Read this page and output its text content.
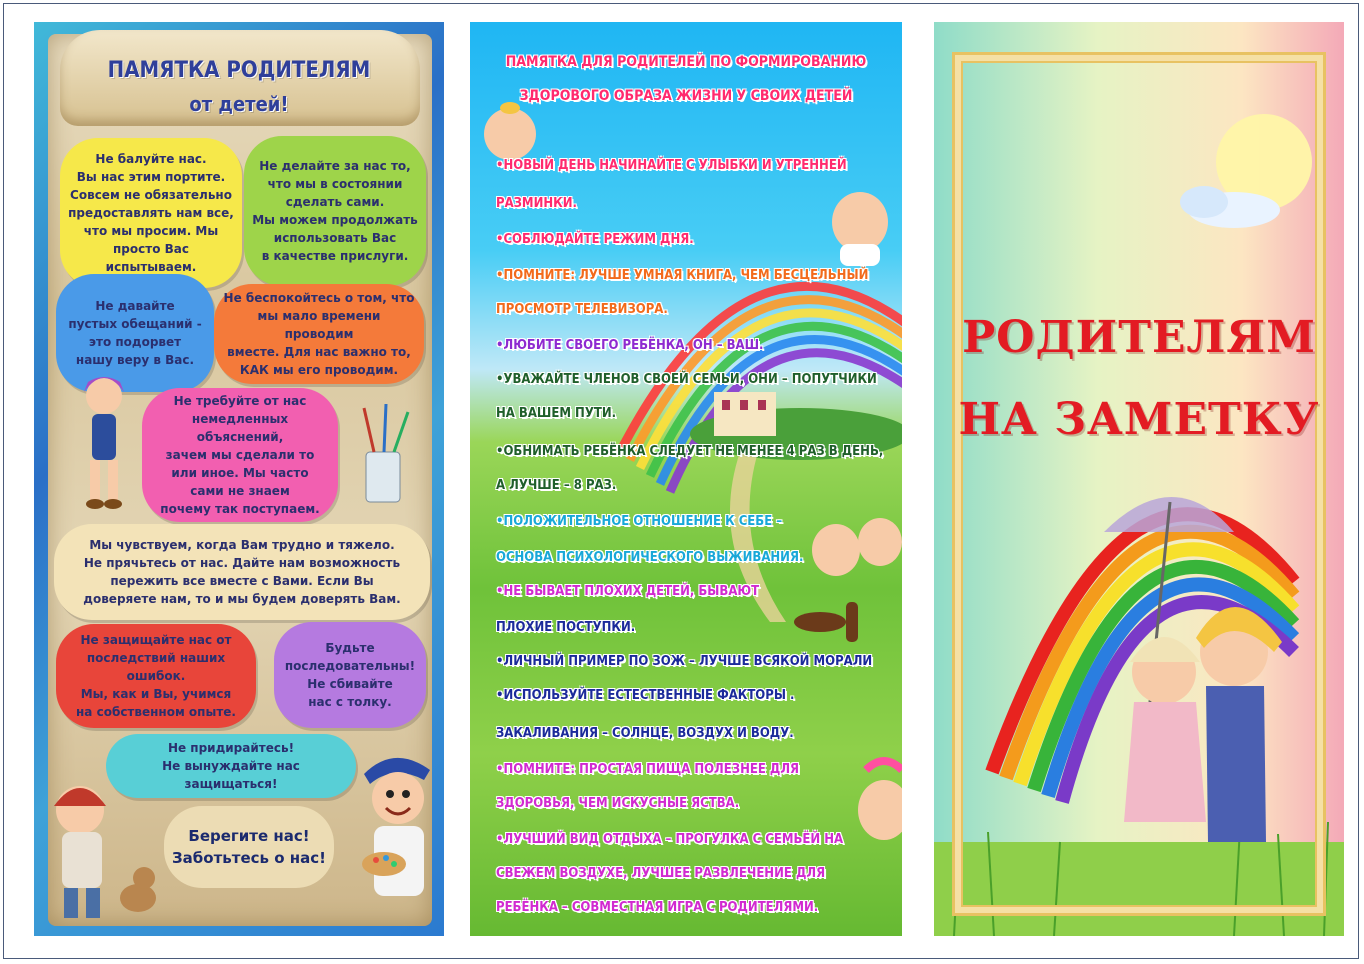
ПАМЯТКА РОДИТЕЛЯМ
от детей!
Не балуйте нас.
Вы нас этим портите.
Совсем не обязательно
предоставлять нам все,
что мы просим. Мы
просто Вас испытываем.
Не делайте за нас то,
что мы в состоянии
сделать сами.
Мы можем продолжать
использовать Вас
в качестве прислуги.
Не давайте
пустых обещаний -
это подорвет
нашу веру в Вас.
Не беспокойтесь о том, что
мы мало времени проводим
вместе. Для нас важно то,
КАК мы его проводим.
Не требуйте от нас
немедленных объяснений,
зачем мы сделали то
или иное. Мы часто
сами не знаем
почему так поступаем.
Мы чувствуем, когда Вам трудно и тяжело.
Не прячьтесь от нас. Дайте нам возможность
пережить все вместе с Вами. Если Вы
доверяете нам, то и мы будем доверять Вам.
Не защищайте нас от
последствий наших ошибок.
Мы, как и Вы, учимся
на собственном опыте.
Будьте
последовательны!
Не сбивайте
нас с толку.
Не придирайтесь!
Не вынуждайте нас защищаться!
Берегите нас!
Заботьтесь о нас!
ПАМЯТКА ДЛЯ РОДИТЕЛЕЙ ПО ФОРМИРОВАНИЮ
ЗДОРОВОГО ОБРАЗА ЖИЗНИ У СВОИХ ДЕТЕЙ
•НОВЫЙ ДЕНЬ НАЧИНАЙТЕ С УЛЫБКИ И УТРЕННЕЙ
РАЗМИНКИ.
•СОБЛЮДАЙТЕ РЕЖИМ ДНЯ.
•ПОМНИТЕ: ЛУЧШЕ УМНАЯ КНИГА, ЧЕМ БЕСЦЕЛЬНЫЙ
ПРОСМОТР ТЕЛЕВИЗОРА.
•ЛЮБИТЕ СВОЕГО РЕБЁНКА, ОН – ВАШ.
•УВАЖАЙТЕ ЧЛЕНОВ СВОЕЙ СЕМЬИ, ОНИ – ПОПУТЧИКИ
НА ВАШЕМ ПУТИ.
•ОБНИМАТЬ РЕБЁНКА СЛЕДУЕТ НЕ МЕНЕЕ 4 РАЗ В ДЕНЬ,
А ЛУЧШЕ – 8 РАЗ.
•ПОЛОЖИТЕЛЬНОЕ ОТНОШЕНИЕ К СЕБЕ –
ОСНОВА ПСИХОЛОГИЧЕСКОГО ВЫЖИВАНИЯ.
•НЕ БЫВАЕТ ПЛОХИХ ДЕТЕЙ, БЫВАЮТ
ПЛОХИЕ ПОСТУПКИ.
•ЛИЧНЫЙ ПРИМЕР ПО ЗОЖ – ЛУЧШЕ ВСЯКОЙ МОРАЛИ
•ИСПОЛЬЗУЙТЕ ЕСТЕСТВЕННЫЕ ФАКТОРЫ .
ЗАКАЛИВАНИЯ – СОЛНЦЕ, ВОЗДУХ И ВОДУ.
•ПОМНИТЕ: ПРОСТАЯ ПИЩА ПОЛЕЗНЕЕ ДЛЯ
ЗДОРОВЬЯ, ЧЕМ ИСКУСНЫЕ ЯСТВА.
•ЛУЧШИЙ ВИД ОТДЫХА – ПРОГУЛКА С СЕМЬЁЙ НА
СВЕЖЕМ ВОЗДУХЕ, ЛУЧШЕЕ РАЗВЛЕЧЕНИЕ ДЛЯ
РЕБЁНКА – СОВМЕСТНАЯ ИГРА С РОДИТЕЛЯМИ.
РОДИТЕЛЯМ
НА ЗАМЕТКУ
